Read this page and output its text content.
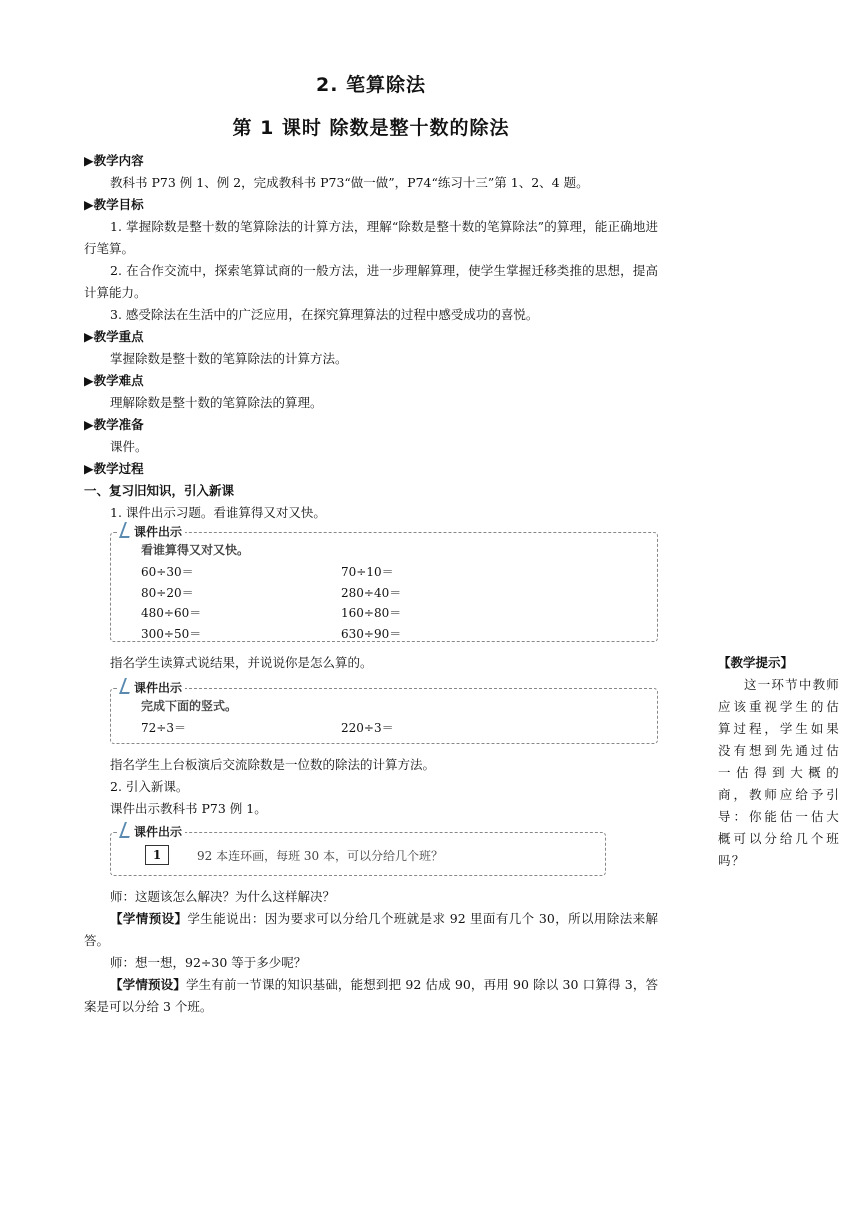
2. 笔算除法
第 1 课时 除数是整十数的除法
▶教学内容
教科书 P73 例 1、例 2，完成教科书 P73“做一做”，P74“练习十三”第 1、2、4 题。
▶教学目标
1. 掌握除数是整十数的笔算除法的计算方法，理解“除数是整十数的笔算除法”的算理，能正确地进行笔算。
2. 在合作交流中，探索笔算试商的一般方法，进一步理解算理，使学生掌握迁移类推的思想，提高计算能力。
3. 感受除法在生活中的广泛应用，在探究算理算法的过程中感受成功的喜悦。
▶教学重点
掌握除数是整十数的笔算除法的计算方法。
▶教学难点
理解除数是整十数的笔算除法的算理。
▶教学准备
课件。
▶教学过程
一、复习旧知识，引入新课
1. 课件出示习题。看谁算得又对又快。
课件出示
看谁算得又对又快。
60÷30＝	70÷10＝
80÷20＝	280÷40＝
480÷60＝	160÷80＝
300÷50＝	630÷90＝
指名学生读算式说结果，并说说你是怎么算的。
课件出示
完成下面的竖式。
72÷3＝	220÷3＝
指名学生上台板演后交流除数是一位数的除法的计算方法。
2. 引入新课。
课件出示教科书 P73 例 1。
课件出示
1	92 本连环画，每班 30 本，可以分给几个班？
师：这题该怎么解决？为什么这样解决？
【学情预设】学生能说出：因为要求可以分给几个班就是求 92 里面有几个 30，所以用除法来解答。
师：想一想，92÷30 等于多少呢？
【学情预设】学生有前一节课的知识基础，能想到把 92 估成 90，再用 90 除以 30 口算得 3，答案是可以分给 3 个班。
【教学提示】
这一环节中教师应该重视学生的估算过程，学生如果没有想到先通过估一估得到大概的商，教师应给予引导：你能估一估大概可以分给几个班吗？
